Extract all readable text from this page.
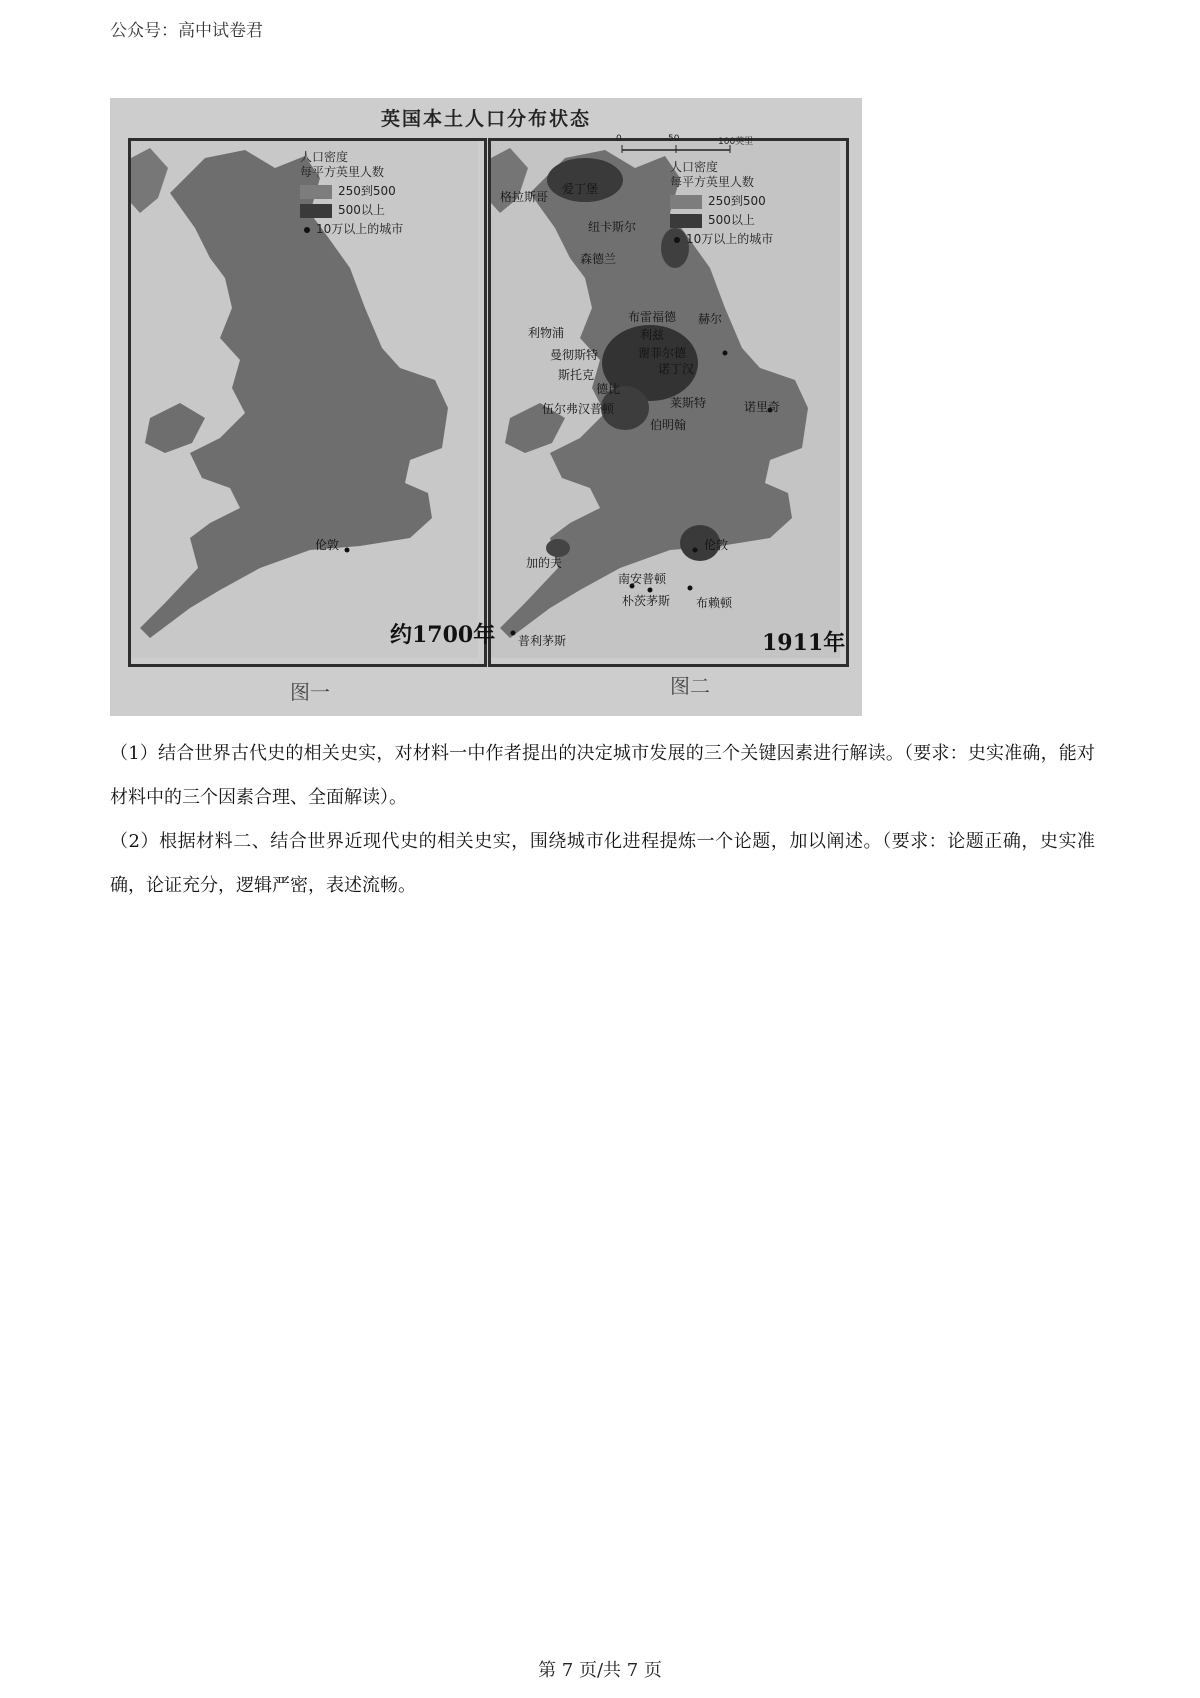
公众号：高中试卷君
英国本土人口分布状态
人口密度
每平方英里人数
250到500
500以上
10万以上的城市
0	50	100英里
人口密度
每平方英里人数
250到500
500以上
10万以上的城市
伦敦
格拉斯哥
爱丁堡
纽卡斯尔
森德兰
布雷福德 赫尔
利兹
利物浦
谢菲尔德
诺丁汉
曼彻斯特
斯托克
德比
莱斯特
伯明翰
伍尔弗汉普顿	诺里奇
伦敦
加的夫
南安普顿
朴茨茅斯 布赖顿
普利茅斯
约1700年	1911年
图一	图二
（1）结合世界古代史的相关史实，对材料一中作者提出的决定城市发展的三个关键因素进行解读。（要求：史实准确，能对材料中的三个因素合理、全面解读）。
（2）根据材料二、结合世界近现代史的相关史实，围绕城市化进程提炼一个论题，加以阐述。（要求：论题正确，史实准确，论证充分，逻辑严密，表述流畅。
第 7 页/共 7 页
